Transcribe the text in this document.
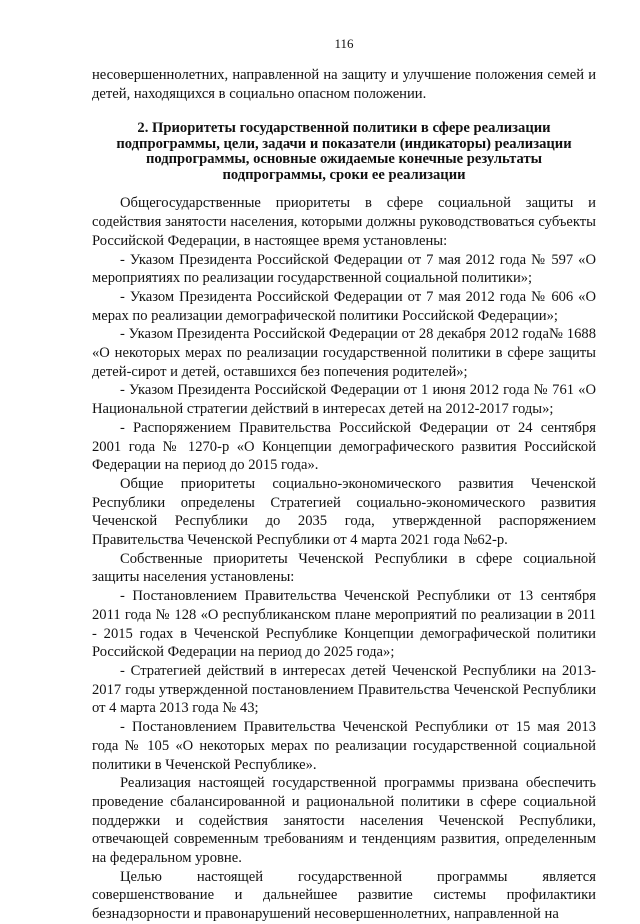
116

несовершеннолетних, направленной на защиту и улучшение положения семей и детей, находящихся в социально опасном положении.

2. Приоритеты государственной политики в сфере реализации
подпрограммы, цели, задачи и показатели (индикаторы) реализации
подпрограммы, основные ожидаемые конечные результаты
подпрограммы, сроки ее реализации

Общегосударственные приоритеты в сфере социальной защиты и содействия занятости населения, которыми должны руководствоваться субъекты Российской Федерации, в настоящее время установлены:

- Указом Президента Российской Федерации от 7 мая 2012 года № 597 «О мероприятиях по реализации государственной социальной политики»;

- Указом Президента Российской Федерации от 7 мая 2012 года № 606 «О мерах по реализации демографической политики Российской Федерации»;

- Указом Президента Российской Федерации от 28 декабря 2012 года№ 1688 «О некоторых мерах по реализации государственной политики в сфере защиты детей-сирот и детей, оставшихся без попечения родителей»;

- Указом Президента Российской Федерации от 1 июня 2012 года № 761 «О Национальной стратегии действий в интересах детей на 2012-2017 годы»;

- Распоряжением Правительства Российской Федерации от 24 сентября 2001 года № 1270-р «О Концепции демографического развития Российской Федерации на период до 2015 года».

Общие приоритеты социально-экономического развития Чеченской Республики определены Стратегией социально-экономического развития Чеченской Республики до 2035 года, утвержденной распоряжением Правительства Чеченской Республики от 4 марта 2021 года №62-р.

Собственные приоритеты Чеченской Республики в сфере социальной защиты населения установлены:

- Постановлением Правительства Чеченской Республики от 13 сентября 2011 года № 128 «О республиканском плане мероприятий по реализации в 2011 - 2015 годах в Чеченской Республике Концепции демографической политики Российской Федерации на период до 2025 года»;

- Стратегией действий в интересах детей Чеченской Республики на 2013-2017 годы утвержденной постановлением Правительства Чеченской Республики от 4 марта 2013 года № 43;

- Постановлением Правительства Чеченской Республики от 15 мая 2013 года № 105 «О некоторых мерах по реализации государственной социальной политики в Чеченской Республике».

Реализация настоящей государственной программы призвана обеспечить проведение сбалансированной и рациональной политики в сфере социальной поддержки и содействия занятости населения Чеченской Республики, отвечающей современным требованиям и тенденциям развития, определенным на федеральном уровне.

Целью настоящей государственной программы является совершенствование и дальнейшее развитие системы профилактики безнадзорности и правонарушений несовершеннолетних, направленной на
